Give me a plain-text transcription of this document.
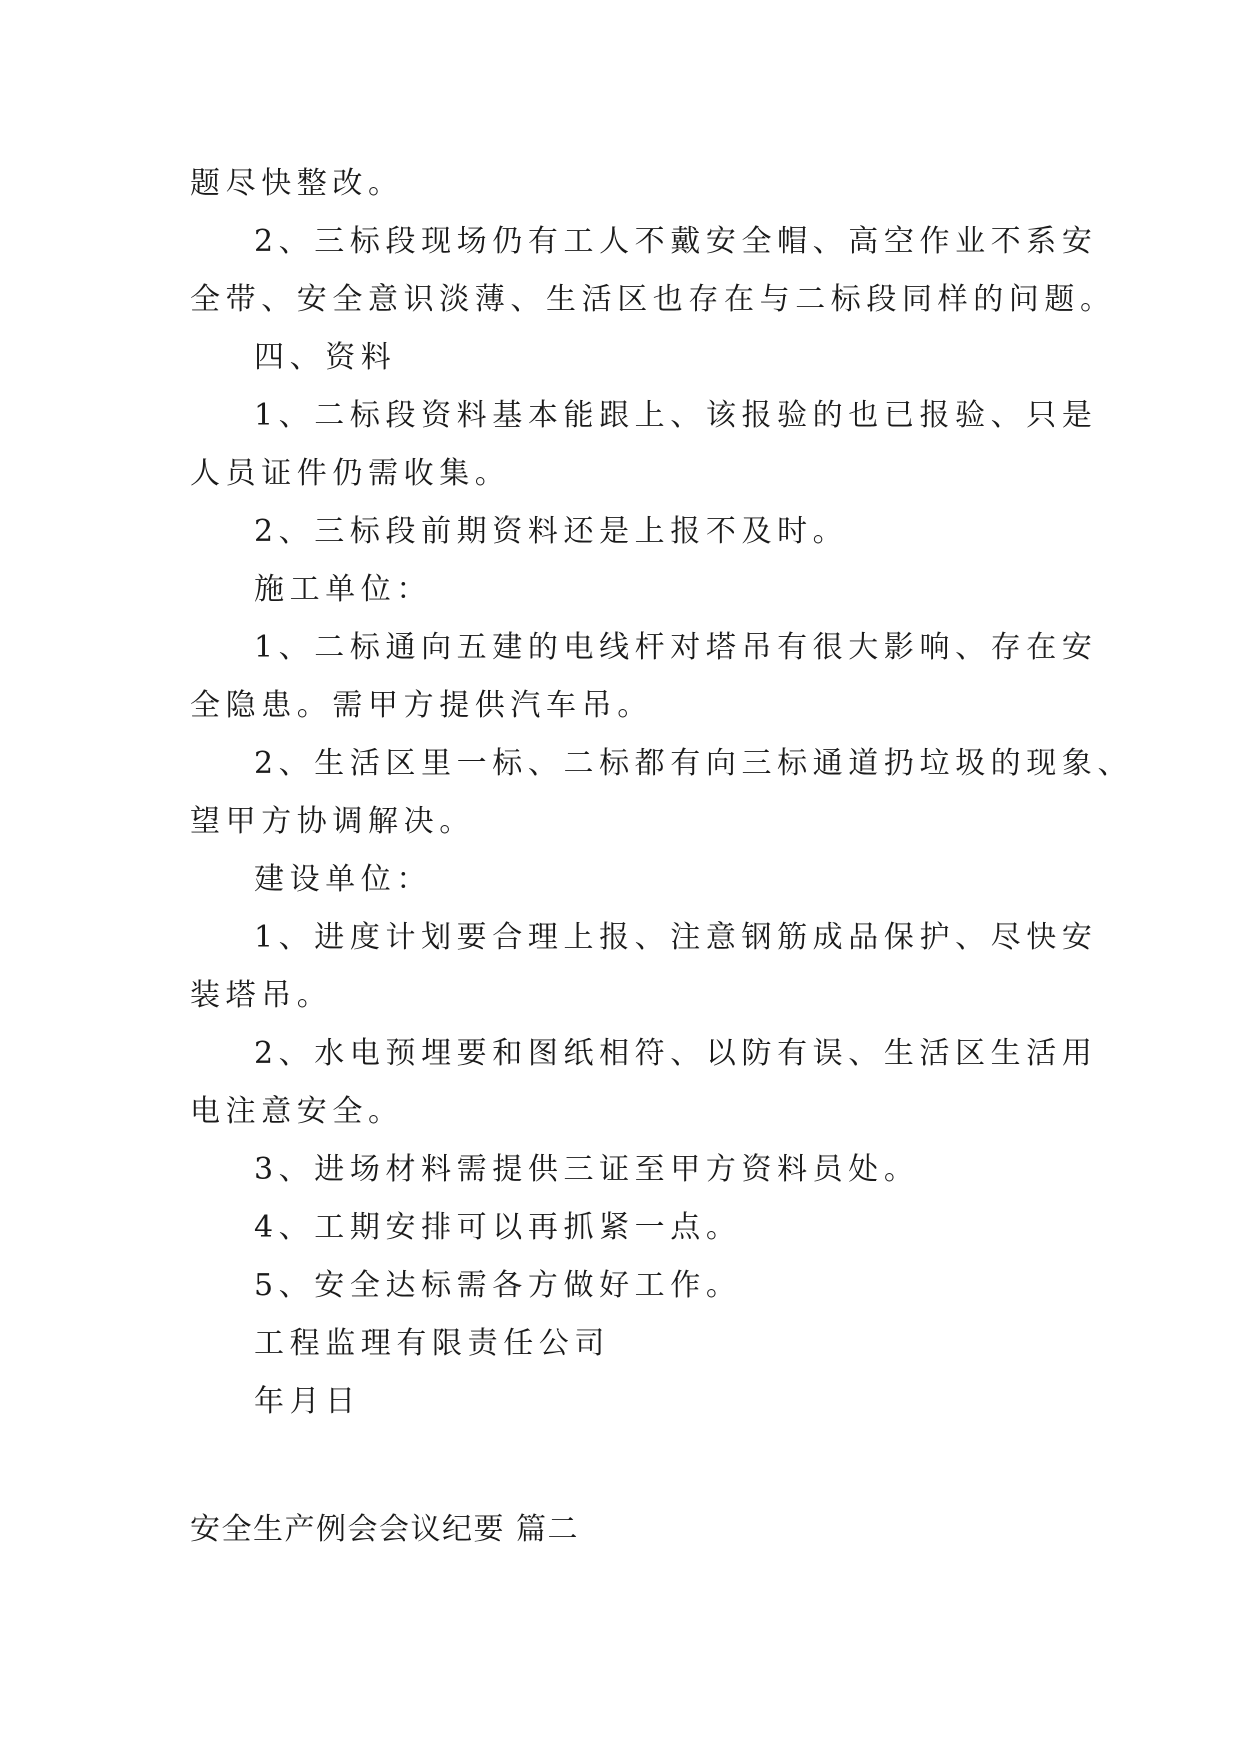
题尽快整改。
2、三标段现场仍有工人不戴安全帽、高空作业不系安
全带、安全意识淡薄、生活区也存在与二标段同样的问题。
四、资料
1、二标段资料基本能跟上、该报验的也已报验、只是
人员证件仍需收集。
2、三标段前期资料还是上报不及时。
施工单位：
1、二标通向五建的电线杆对塔吊有很大影响、存在安
全隐患。需甲方提供汽车吊。
2、生活区里一标、二标都有向三标通道扔垃圾的现象、
望甲方协调解决。
建设单位：
1、进度计划要合理上报、注意钢筋成品保护、尽快安
装塔吊。
2、水电预埋要和图纸相符、以防有误、生活区生活用
电注意安全。
3、进场材料需提供三证至甲方资料员处。
4、工期安排可以再抓紧一点。
5、安全达标需各方做好工作。
工程监理有限责任公司
年月日
安全生产例会会议纪要 篇二
